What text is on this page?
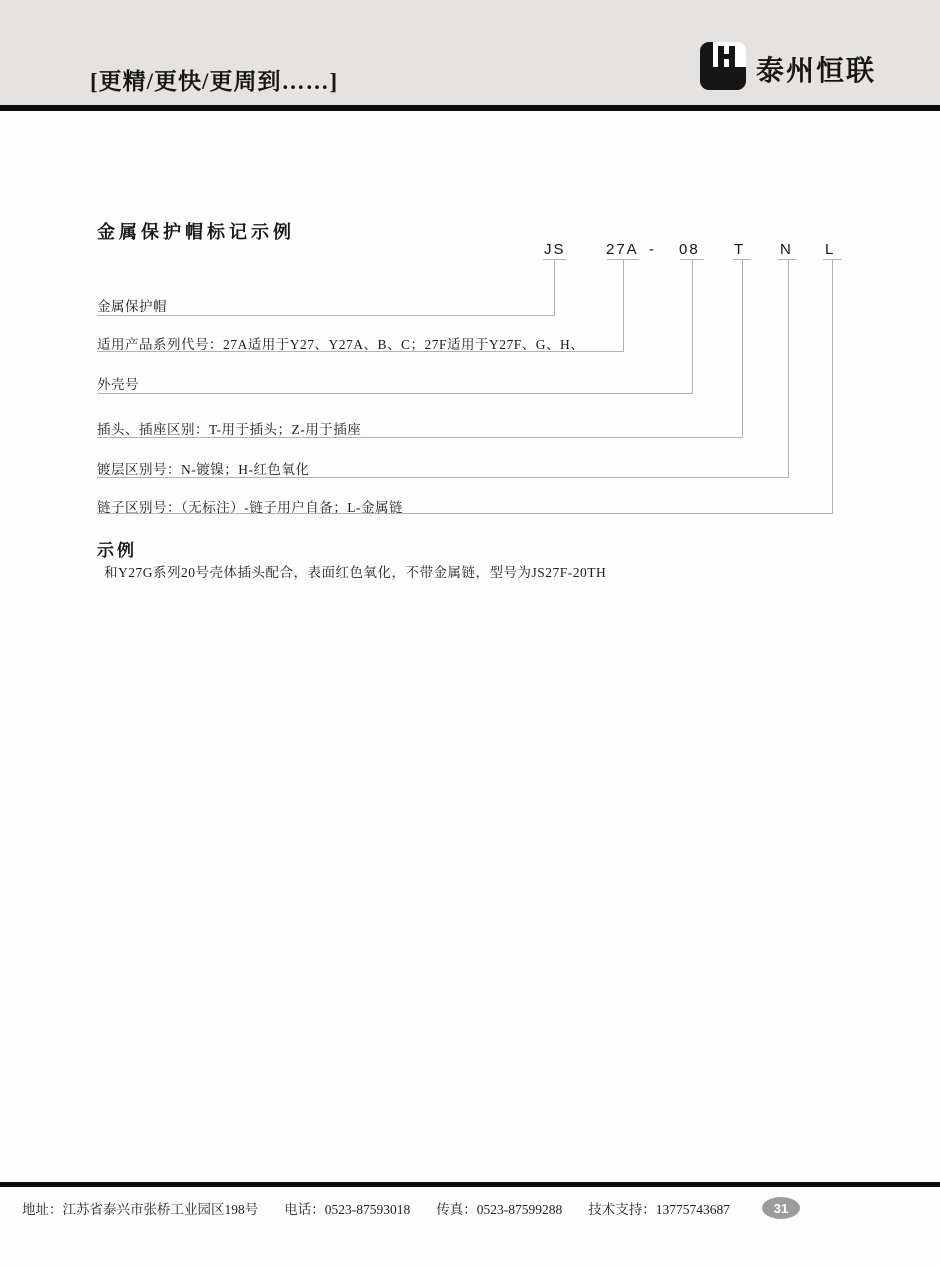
[更精/更快/更周到……]	泰州恒联
金属保护帽标记示例
JS	27A - 08 T N L
金属保护帽
适用产品系列代号：27A适用于Y27、Y27A、B、C；27F适用于Y27F、G、H、
外壳号
插头、插座区别：T-用于插头；Z-用于插座
镀层区别号：N-镀镍；H-红色氧化
链子区别号：（无标注）-链子用户自备；L-金属链
示例
和Y27G系列20号壳体插头配合，表面红色氧化，不带金属链，型号为JS27F-20TH
地址：江苏省泰兴市张桥工业园区198号 电话：0523-87593018 传真：0523-87599288 技术支持：13775743687	31
